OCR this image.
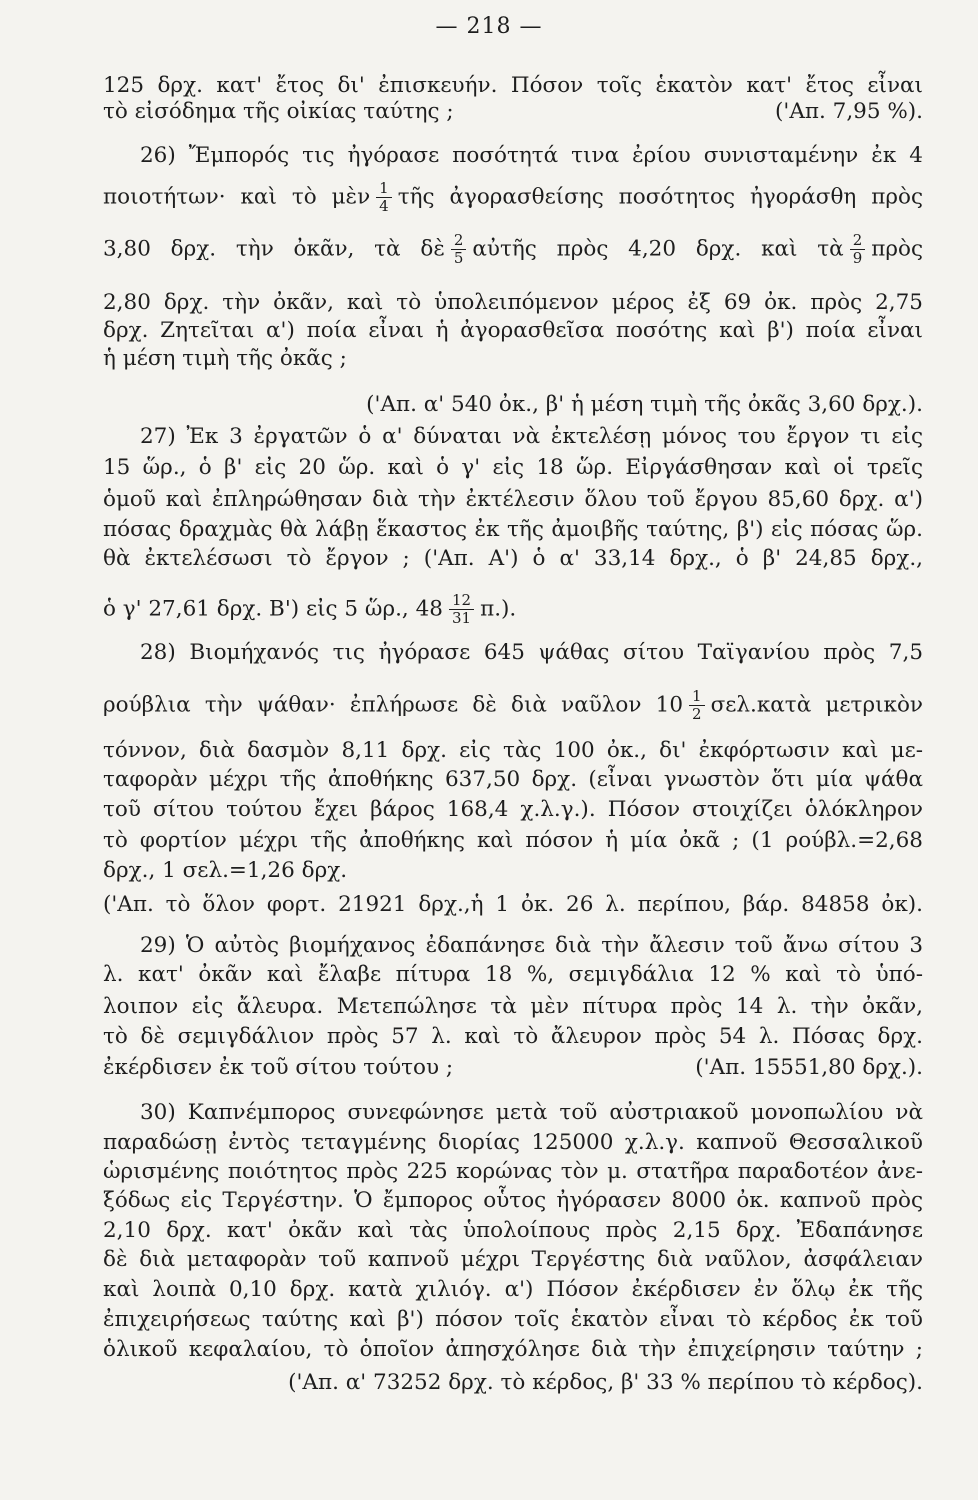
— 218 —
125 δρχ. κατ' ἔτος δι' ἐπισκευήν. Πόσον τοῖς ἑκατὸν κατ' ἔτος εἶναι
τὸ εἰσόδημα τῆς οἰκίας ταύτης ;	('Απ. 7,95 %).
26) Ἔμπορός τις ἠγόρασε ποσότητά τινα ἐρίου συνισταμένην ἐκ 4
ποιοτήτων· καὶ τὸ μὲν $\frac{1}{4}$ τῆς ἀγορασθείσης ποσότητος ἠγοράσθη πρὸς
3,80 δρχ. τὴν ὀκᾶν, τὰ δὲ $\frac{2}{5}$ αὐτῆς πρὸς 4,20 δρχ. καὶ τὰ $\frac{2}{9}$ πρὸς
2,80 δρχ. τὴν ὀκᾶν, καὶ τὸ ὑπολειπόμενον μέρος ἐξ 69 ὀκ. πρὸς 2,75
δρχ. Ζητεῖται α') ποία εἶναι ἡ ἀγορασθεῖσα ποσότης καὶ β') ποία εἶναι
ἡ μέση τιμὴ τῆς ὀκᾶς ;
('Απ. α' 540 ὀκ., β' ἡ μέση τιμὴ τῆς ὀκᾶς 3,60 δρχ.).
27) Ἐκ 3 ἐργατῶν ὁ α' δύναται νὰ ἐκτελέσῃ μόνος του ἔργον τι εἰς
15 ὥρ., ὁ β' εἰς 20 ὥρ. καὶ ὁ γ' εἰς 18 ὥρ. Εἰργάσθησαν καὶ οἱ τρεῖς
ὁμοῦ καὶ ἐπληρώθησαν διὰ τὴν ἐκτέλεσιν ὅλου τοῦ ἔργου 85,60 δρχ. α')
πόσας δραχμὰς θὰ λάβῃ ἕκαστος ἐκ τῆς ἀμοιβῆς ταύτης, β') εἰς πόσας ὥρ.
θὰ ἐκτελέσωσι τὸ ἔργον ; ('Απ. Α') ὁ α' 33,14 δρχ., ὁ β' 24,85 δρχ.,
ὁ γ' 27,61 δρχ. Β') εἰς 5 ὥρ., $48 \frac{12}{31} \pi$.).
28) Βιομήχανός τις ἠγόρασε 645 ψάθας σίτου Ταϊγανίου πρὸς 7,5
ρούβλια τὴν ψάθαν· ἐπλήρωσε δὲ διὰ ναῦλον $10 \frac{1}{2}$ σελ.κατὰ μετρικὸν
τόννον, διὰ δασμὸν 8,11 δρχ. εἰς τὰς 100 ὀκ., δι' ἐκφόρτωσιν καὶ με-
ταφορὰν μέχρι τῆς ἀποθήκης 637,50 δρχ. (εἶναι γνωστὸν ὅτι μία ψάθα
τοῦ σίτου τούτου ἔχει βάρος 168,4 χ.λ.γ.). Πόσον στοιχίζει ὁλόκληρον
τὸ φορτίον μέχρι τῆς ἀποθήκης καὶ πόσον ἡ μία ὀκᾶ ; (1 ρούβλ.=2,68
δρχ., 1 σελ.=1,26 δρχ.
('Απ. τὸ ὅλον φορτ. 21921 δρχ.,ἡ 1 ὀκ. 26 λ. περίπου, βάρ. 84858 ὀκ).
29) Ὁ αὐτὸς βιομήχανος ἐδαπάνησε διὰ τὴν ἄλεσιν τοῦ ἄνω σίτου 3
λ. κατ' ὀκᾶν καὶ ἔλαβε πίτυρα 18 %, σεμιγδάλια 12 % καὶ τὸ ὑπό-
λοιπον εἰς ἄλευρα. Μετεπώλησε τὰ μὲν πίτυρα πρὸς 14 λ. τὴν ὀκᾶν,
τὸ δὲ σεμιγδάλιον πρὸς 57 λ. καὶ τὸ ἄλευρον πρὸς 54 λ. Πόσας δρχ.
ἐκέρδισεν ἐκ τοῦ σίτου τούτου ;	('Απ. 15551,80 δρχ.).
30) Καπνέμπορος συνεφώνησε μετὰ τοῦ αὐστριακοῦ μονοπωλίου νὰ
παραδώσῃ ἐντὸς τεταγμένης διορίας 125000 χ.λ.γ. καπνοῦ Θεσσαλικοῦ
ὡρισμένης ποιότητος πρὸς 225 κορώνας τὸν μ. στατῆρα παραδοτέον ἀνε-
ξόδως εἰς Τεργέστην. Ὁ ἔμπορος οὗτος ἠγόρασεν 8000 ὀκ. καπνοῦ πρὸς
2,10 δρχ. κατ' ὀκᾶν καὶ τὰς ὑπολοίπους πρὸς 2,15 δρχ. Ἐδαπάνησε
δὲ διὰ μεταφορὰν τοῦ καπνοῦ μέχρι Τεργέστης διὰ ναῦλον, ἀσφάλειαν
καὶ λοιπὰ 0,10 δρχ. κατὰ χιλιόγ. α') Πόσον ἐκέρδισεν ἐν ὅλῳ ἐκ τῆς
ἐπιχειρήσεως ταύτης καὶ β') πόσον τοῖς ἑκατὸν εἶναι τὸ κέρδος ἐκ τοῦ
ὁλικοῦ κεφαλαίου, τὸ ὁποῖον ἀπησχόλησε διὰ τὴν ἐπιχείρησιν ταύτην ;
('Απ. α' 73252 δρχ. τὸ κέρδος, β' 33 % περίπου τὸ κέρδος).
